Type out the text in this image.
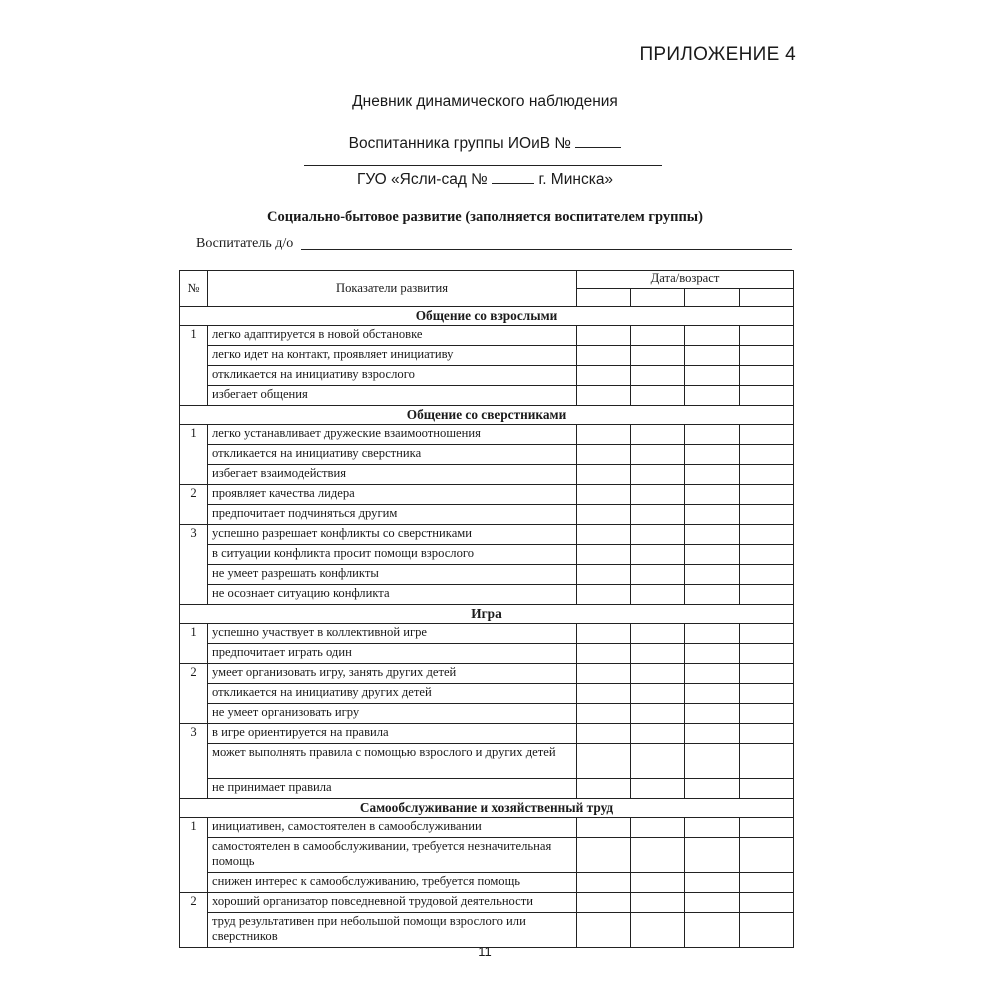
ПРИЛОЖЕНИЕ 4
Дневник динамического наблюдения
Воспитанника группы ИОиВ №
ГУО «Ясли-сад №	г. Минска»
Социально-бытовое развитие (заполняется воспитателем группы)
Воспитатель д/о
№	Показатели развития	Дата/возраст			

Общение со взрослыми					
1	легко адаптируется в новой обстановке				
	легко идет на контакт, проявляет инициативу				
	откликается на инициативу взрослого				
	избегает общения				
Общение со сверстниками					
1	легко устанавливает дружеские взаимоотношения				
	откликается на инициативу сверстника				
	избегает взаимодействия				
2	проявляет качества лидера				
	предпочитает подчиняться другим				
3	успешно разрешает конфликты со сверстниками				
	в ситуации конфликта просит помощи взрослого				
	не умеет разрешать конфликты				
	не осознает ситуацию конфликта				
Игра					
1	успешно участвует в коллективной игре				
	предпочитает играть один				
2	умеет организовать игру, занять других детей				
	откликается на инициативу других детей				
	не умеет организовать игру				
3	в игре ориентируется на правила				
	может выполнять правила с помощью взрослого и других детей				
	не принимает правила				
Самообслуживание и хозяйственный труд					
1	инициативен, самостоятелен в самообслуживании				
	самостоятелен в самообслуживании, требуется незначительная помощь				
	снижен интерес к самообслуживанию, требуется помощь				
2	хороший организатор повседневной трудовой деятельности				
	труд результативен при небольшой помощи взрослого или сверстников				
11
